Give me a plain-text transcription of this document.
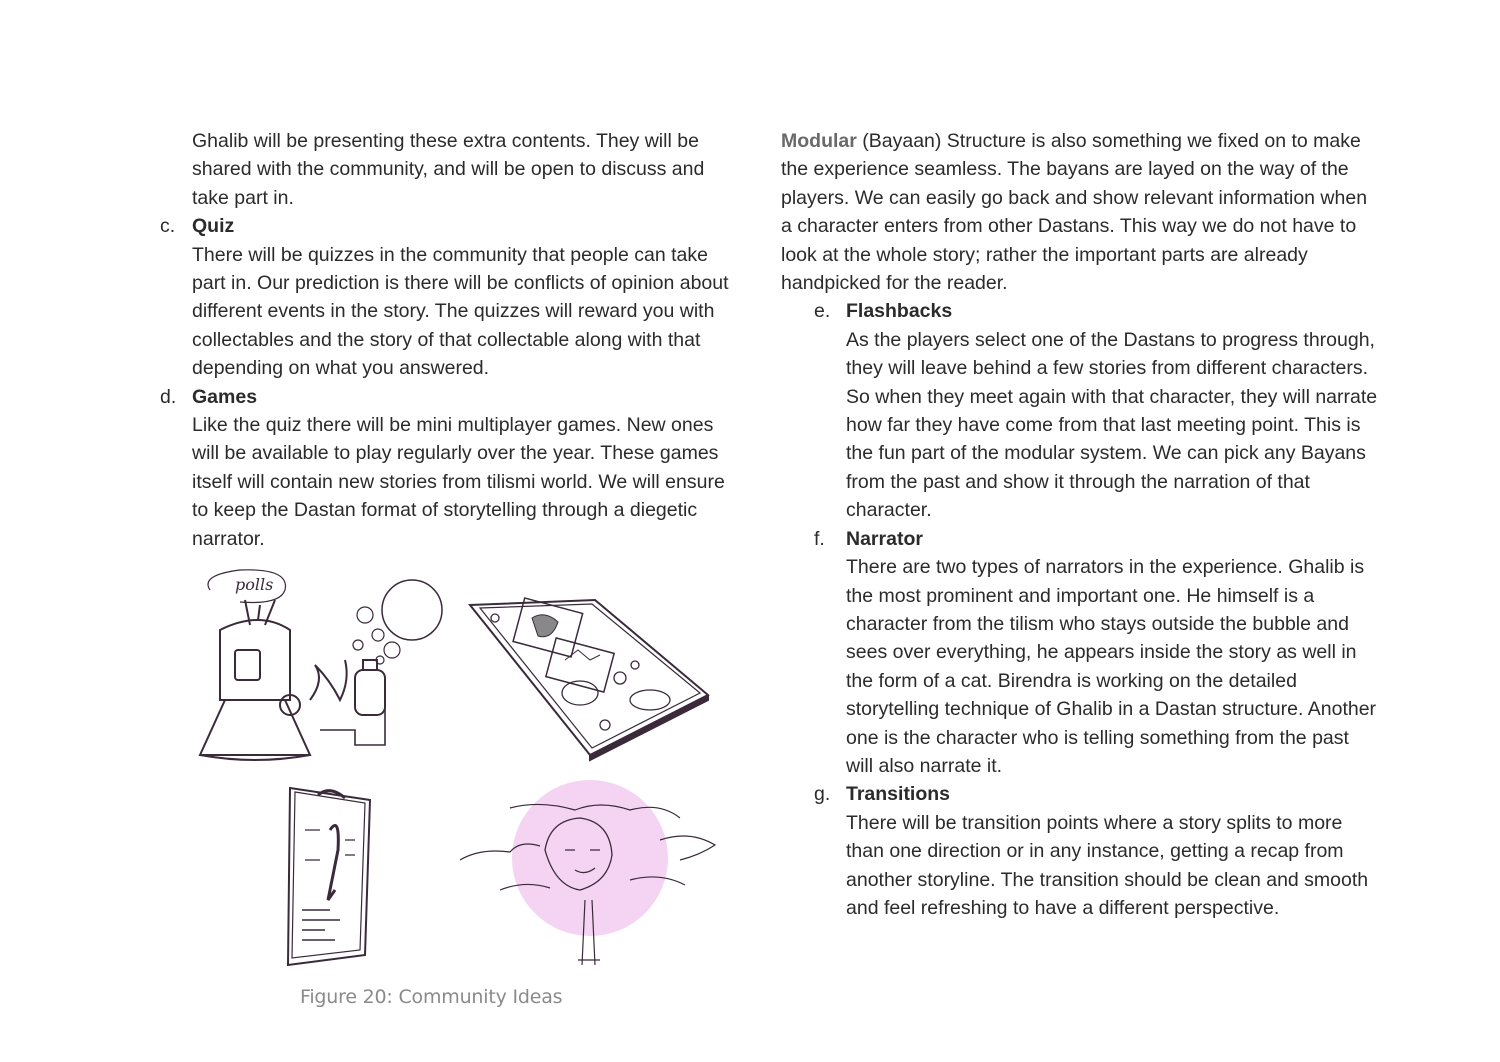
Ghalib will be presenting these extra contents. They will be shared with the community, and will be open to discuss and take part in.

c. Quiz

There will be quizzes in the community that people can take part in. Our prediction is there will be conflicts of opinion about different events in the story. The quizzes will reward you with collectables and the story of that collectable along with that depending on what you answered.

d. Games

Like the quiz there will be mini multiplayer games. New ones will be available to play regularly over the year. These games itself will contain new stories from tilismi world. We will ensure to keep the Dastan format of storytelling through a diegetic narrator.

polls
Figure 20: Community Ideas

Modular (Bayaan) Structure is also something we fixed on to make the experience seamless. The bayans are layed on the way of the players. We can easily go back and show relevant information when a character enters from other Dastans. This way we do not have to look at the whole story; rather the important parts are already handpicked for the reader.

e. Flashbacks

As the players select one of the Dastans to progress through, they will leave behind a few stories from different characters. So when they meet again with that character, they will narrate how far they have come from that last meeting point. This is the fun part of the modular system. We can pick any Bayans from the past and show it through the narration of that character.

f.	Narrator

There are two types of narrators in the experience. Ghalib is the most prominent and important one. He himself is a character from the tilism who stays outside the bubble and sees over everything, he appears inside the story as well in the form of a cat. Birendra is working on the detailed storytelling technique of Ghalib in a Dastan structure. Another one is the character who is telling something from the past will also narrate it.

g. Transitions

There will be transition points where a story splits to more than one direction or in any instance, getting a recap from another storyline. The transition should be clean and smooth and feel refreshing to have a different perspective.
